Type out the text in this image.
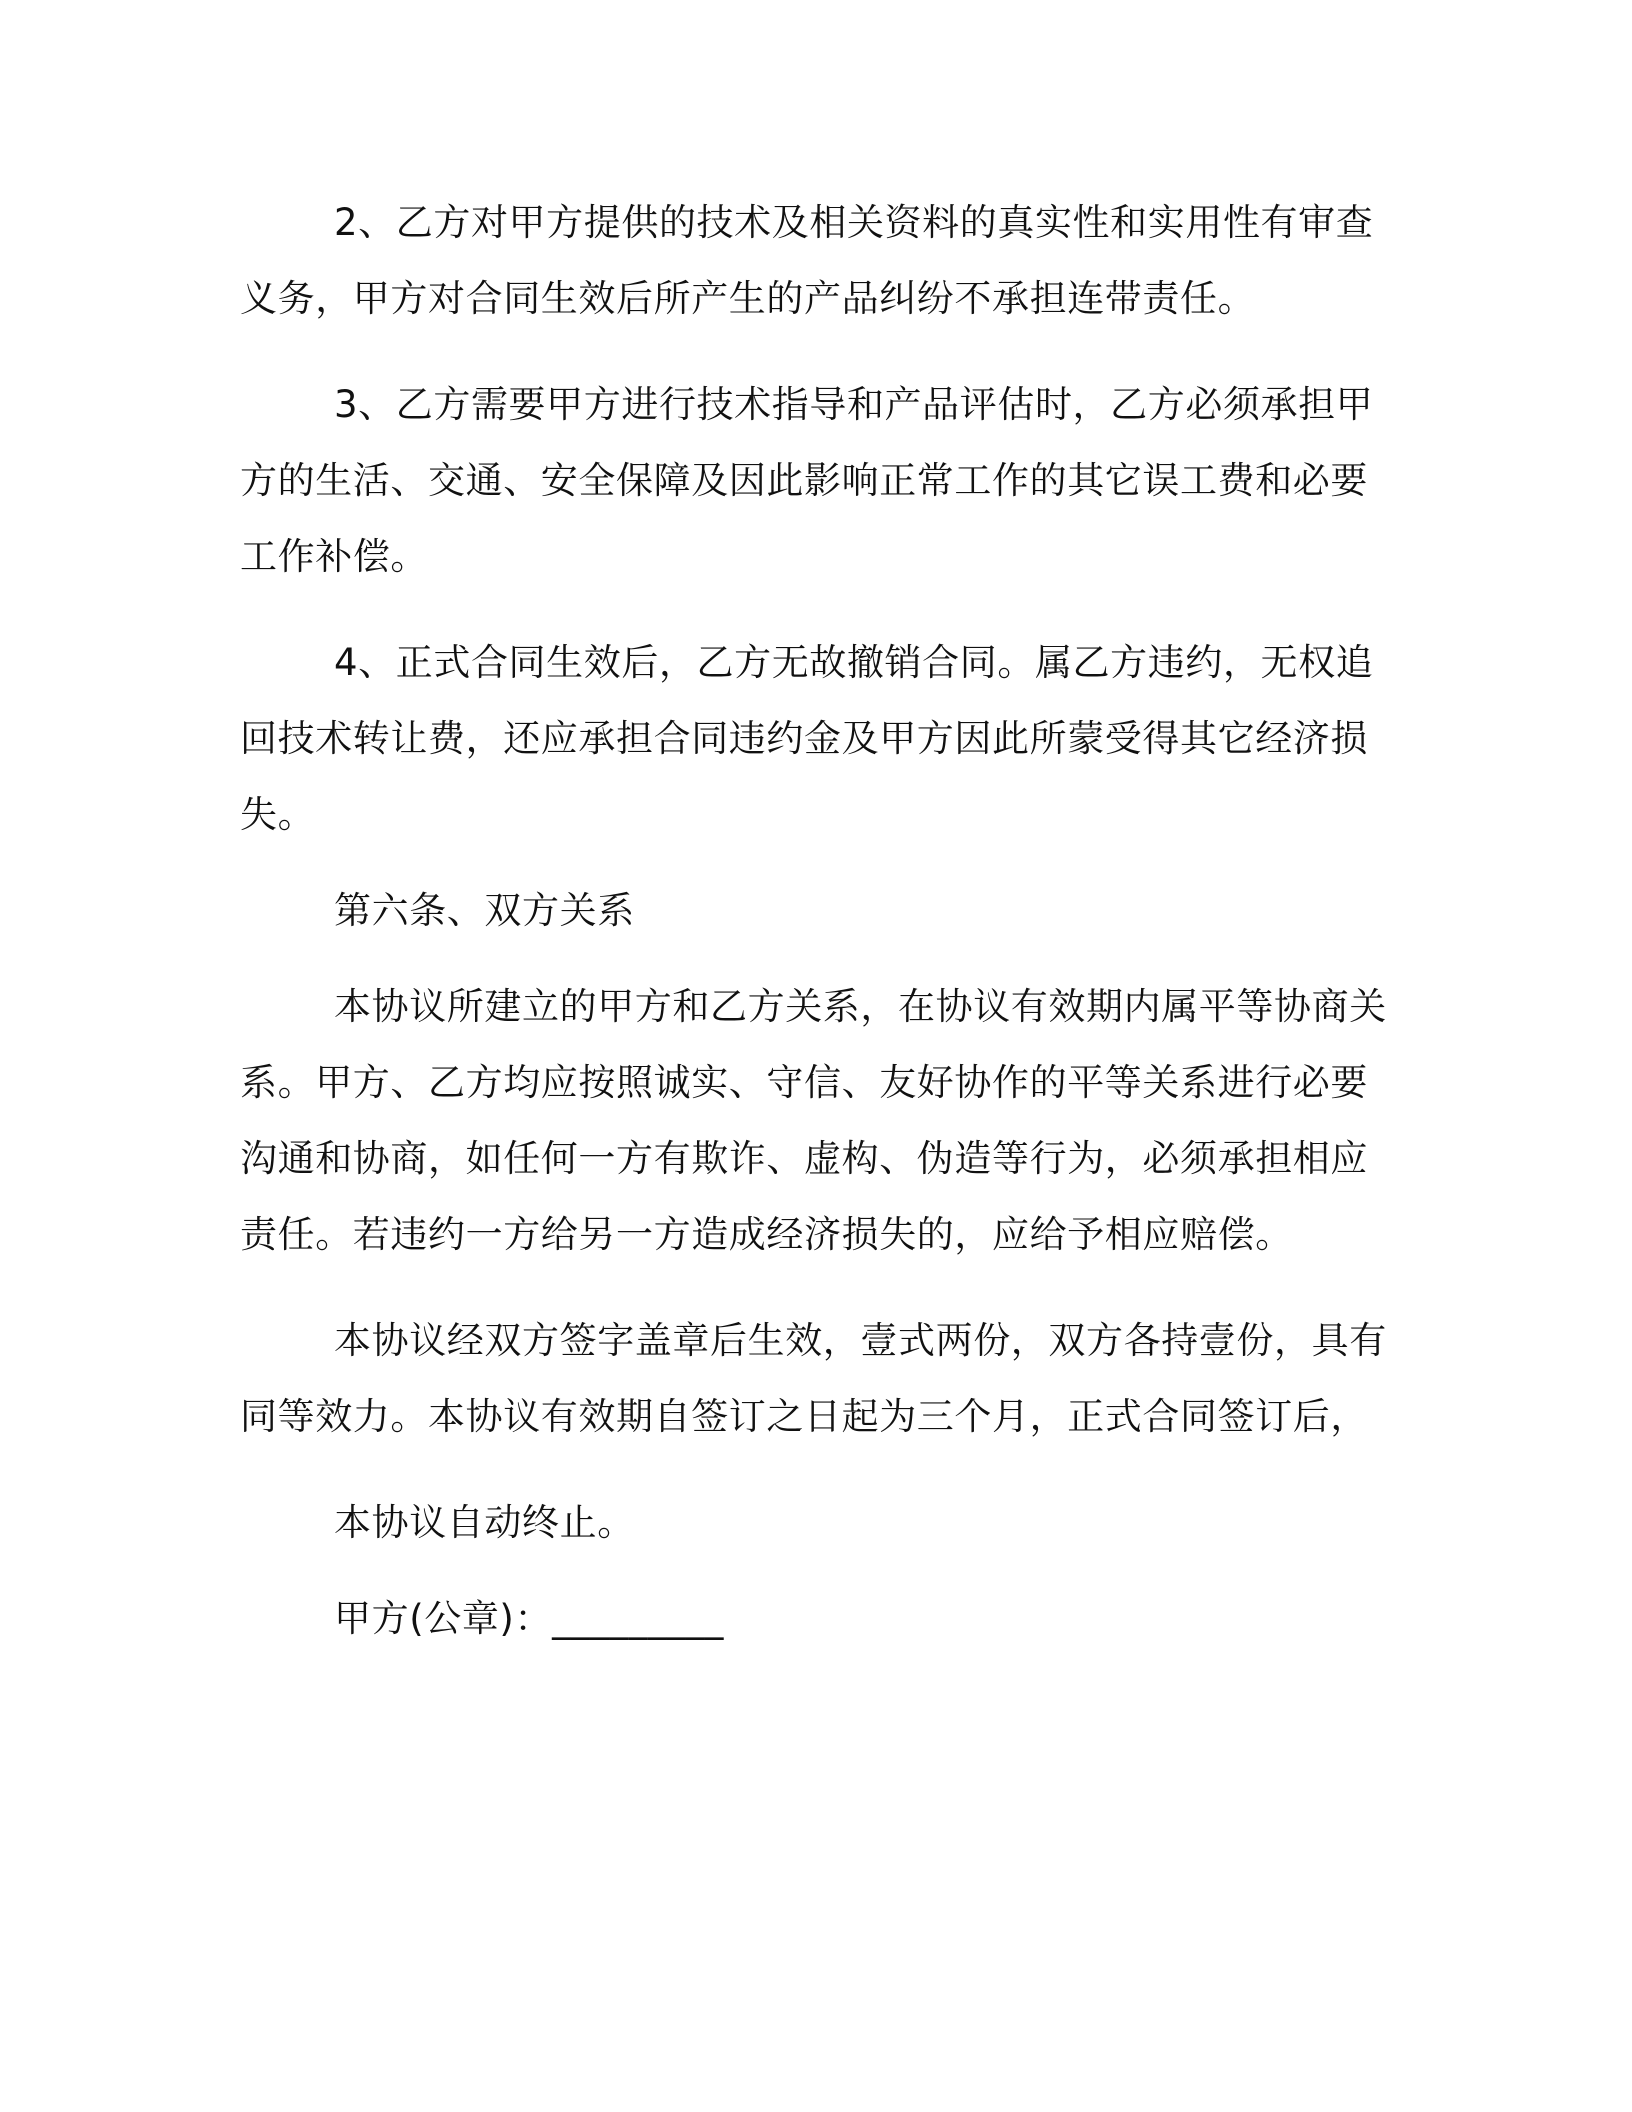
2、乙方对甲方提供的技术及相关资料的真实性和实用性有审查义务，甲方对合同生效后所产生的产品纠纷不承担连带责任。

3、乙方需要甲方进行技术指导和产品评估时，乙方必须承担甲方的生活、交通、安全保障及因此影响正常工作的其它误工费和必要工作补偿。

4、正式合同生效后，乙方无故撤销合同。属乙方违约，无权追回技术转让费，还应承担合同违约金及甲方因此所蒙受得其它经济损失。

第六条、双方关系

本协议所建立的甲方和乙方关系，在协议有效期内属平等协商关系。甲方、乙方均应按照诚实、守信、友好协作的平等关系进行必要沟通和协商，如任何一方有欺诈、虚构、伪造等行为，必须承担相应责任。若违约一方给另一方造成经济损失的，应给予相应赔偿。

本协议经双方签字盖章后生效，壹式两份，双方各持壹份，具有同等效力。本协议有效期自签订之日起为三个月，正式合同签订后，

本协议自动终止。

甲方(公章)：_________
